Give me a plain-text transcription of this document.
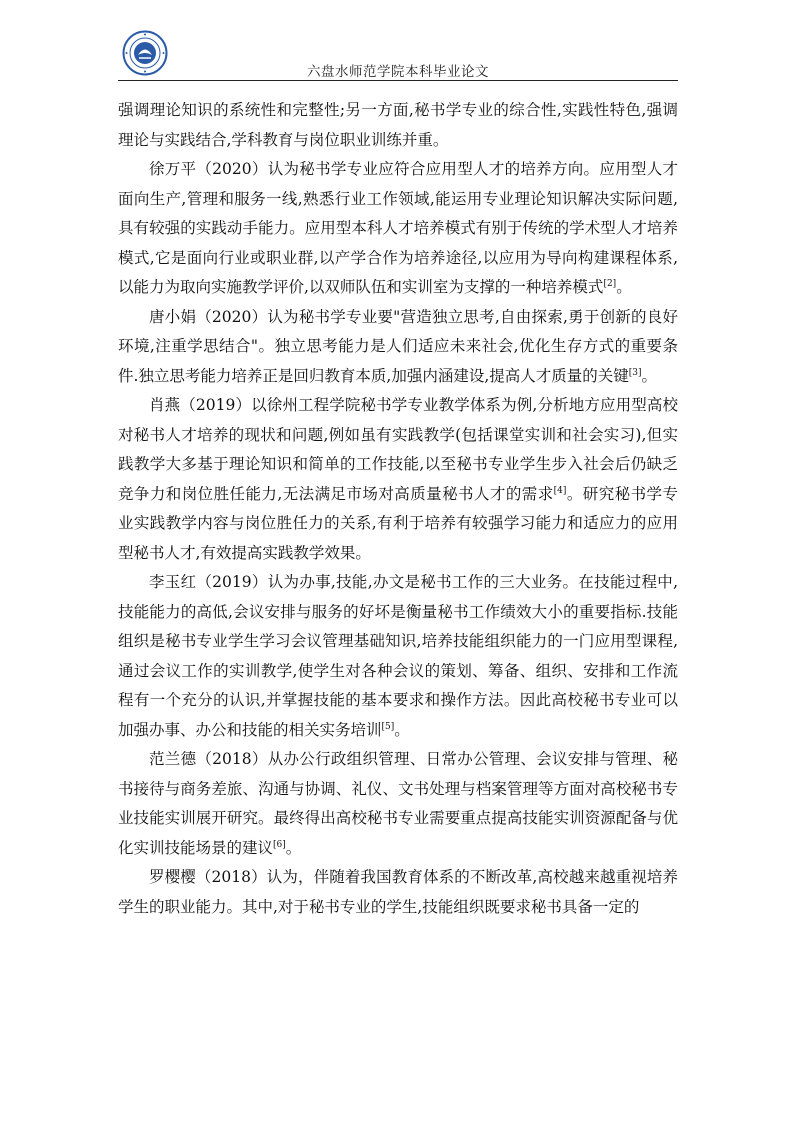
六盘水师范学院本科毕业论文

强调理论知识的系统性和完整性;另一方面,秘书学专业的综合性,实践性特色,强调理论与实践结合,学科教育与岗位职业训练并重。

徐万平（2020）认为秘书学专业应符合应用型人才的培养方向。应用型人才面向生产,管理和服务一线,熟悉行业工作领域,能运用专业理论知识解决实际问题,具有较强的实践动手能力。应用型本科人才培养模式有别于传统的学术型人才培养模式,它是面向行业或职业群,以产学合作为培养途径,以应用为导向构建课程体系,以能力为取向实施教学评价,以双师队伍和实训室为支撑的一种培养模式[2]。

唐小娟（2020）认为秘书学专业要"营造独立思考,自由探索,勇于创新的良好环境,注重学思结合"。独立思考能力是人们适应未来社会,优化生存方式的重要条件.独立思考能力培养正是回归教育本质,加强内涵建设,提高人才质量的关键[3]。

肖燕（2019）以徐州工程学院秘书学专业教学体系为例,分析地方应用型高校对秘书人才培养的现状和问题,例如虽有实践教学(包括课堂实训和社会实习),但实践教学大多基于理论知识和简单的工作技能,以至秘书专业学生步入社会后仍缺乏竞争力和岗位胜任能力,无法满足市场对高质量秘书人才的需求[4]。研究秘书学专业实践教学内容与岗位胜任力的关系,有利于培养有较强学习能力和适应力的应用型秘书人才,有效提高实践教学效果。

李玉红（2019）认为办事,技能,办文是秘书工作的三大业务。在技能过程中,技能能力的高低,会议安排与服务的好坏是衡量秘书工作绩效大小的重要指标.技能组织是秘书专业学生学习会议管理基础知识,培养技能组织能力的一门应用型课程,通过会议工作的实训教学,使学生对各种会议的策划、筹备、组织、安排和工作流程有一个充分的认识,并掌握技能的基本要求和操作方法。因此高校秘书专业可以加强办事、办公和技能的相关实务培训[5]。

范兰德（2018）从办公行政组织管理、日常办公管理、会议安排与管理、秘书接待与商务差旅、沟通与协调、礼仪、文书处理与档案管理等方面对高校秘书专业技能实训展开研究。最终得出高校秘书专业需要重点提高技能实训资源配备与优化实训技能场景的建议[6]。

罗樱樱（2018）认为，伴随着我国教育体系的不断改革,高校越来越重视培养学生的职业能力。其中,对于秘书专业的学生,技能组织既要求秘书具备一定的
